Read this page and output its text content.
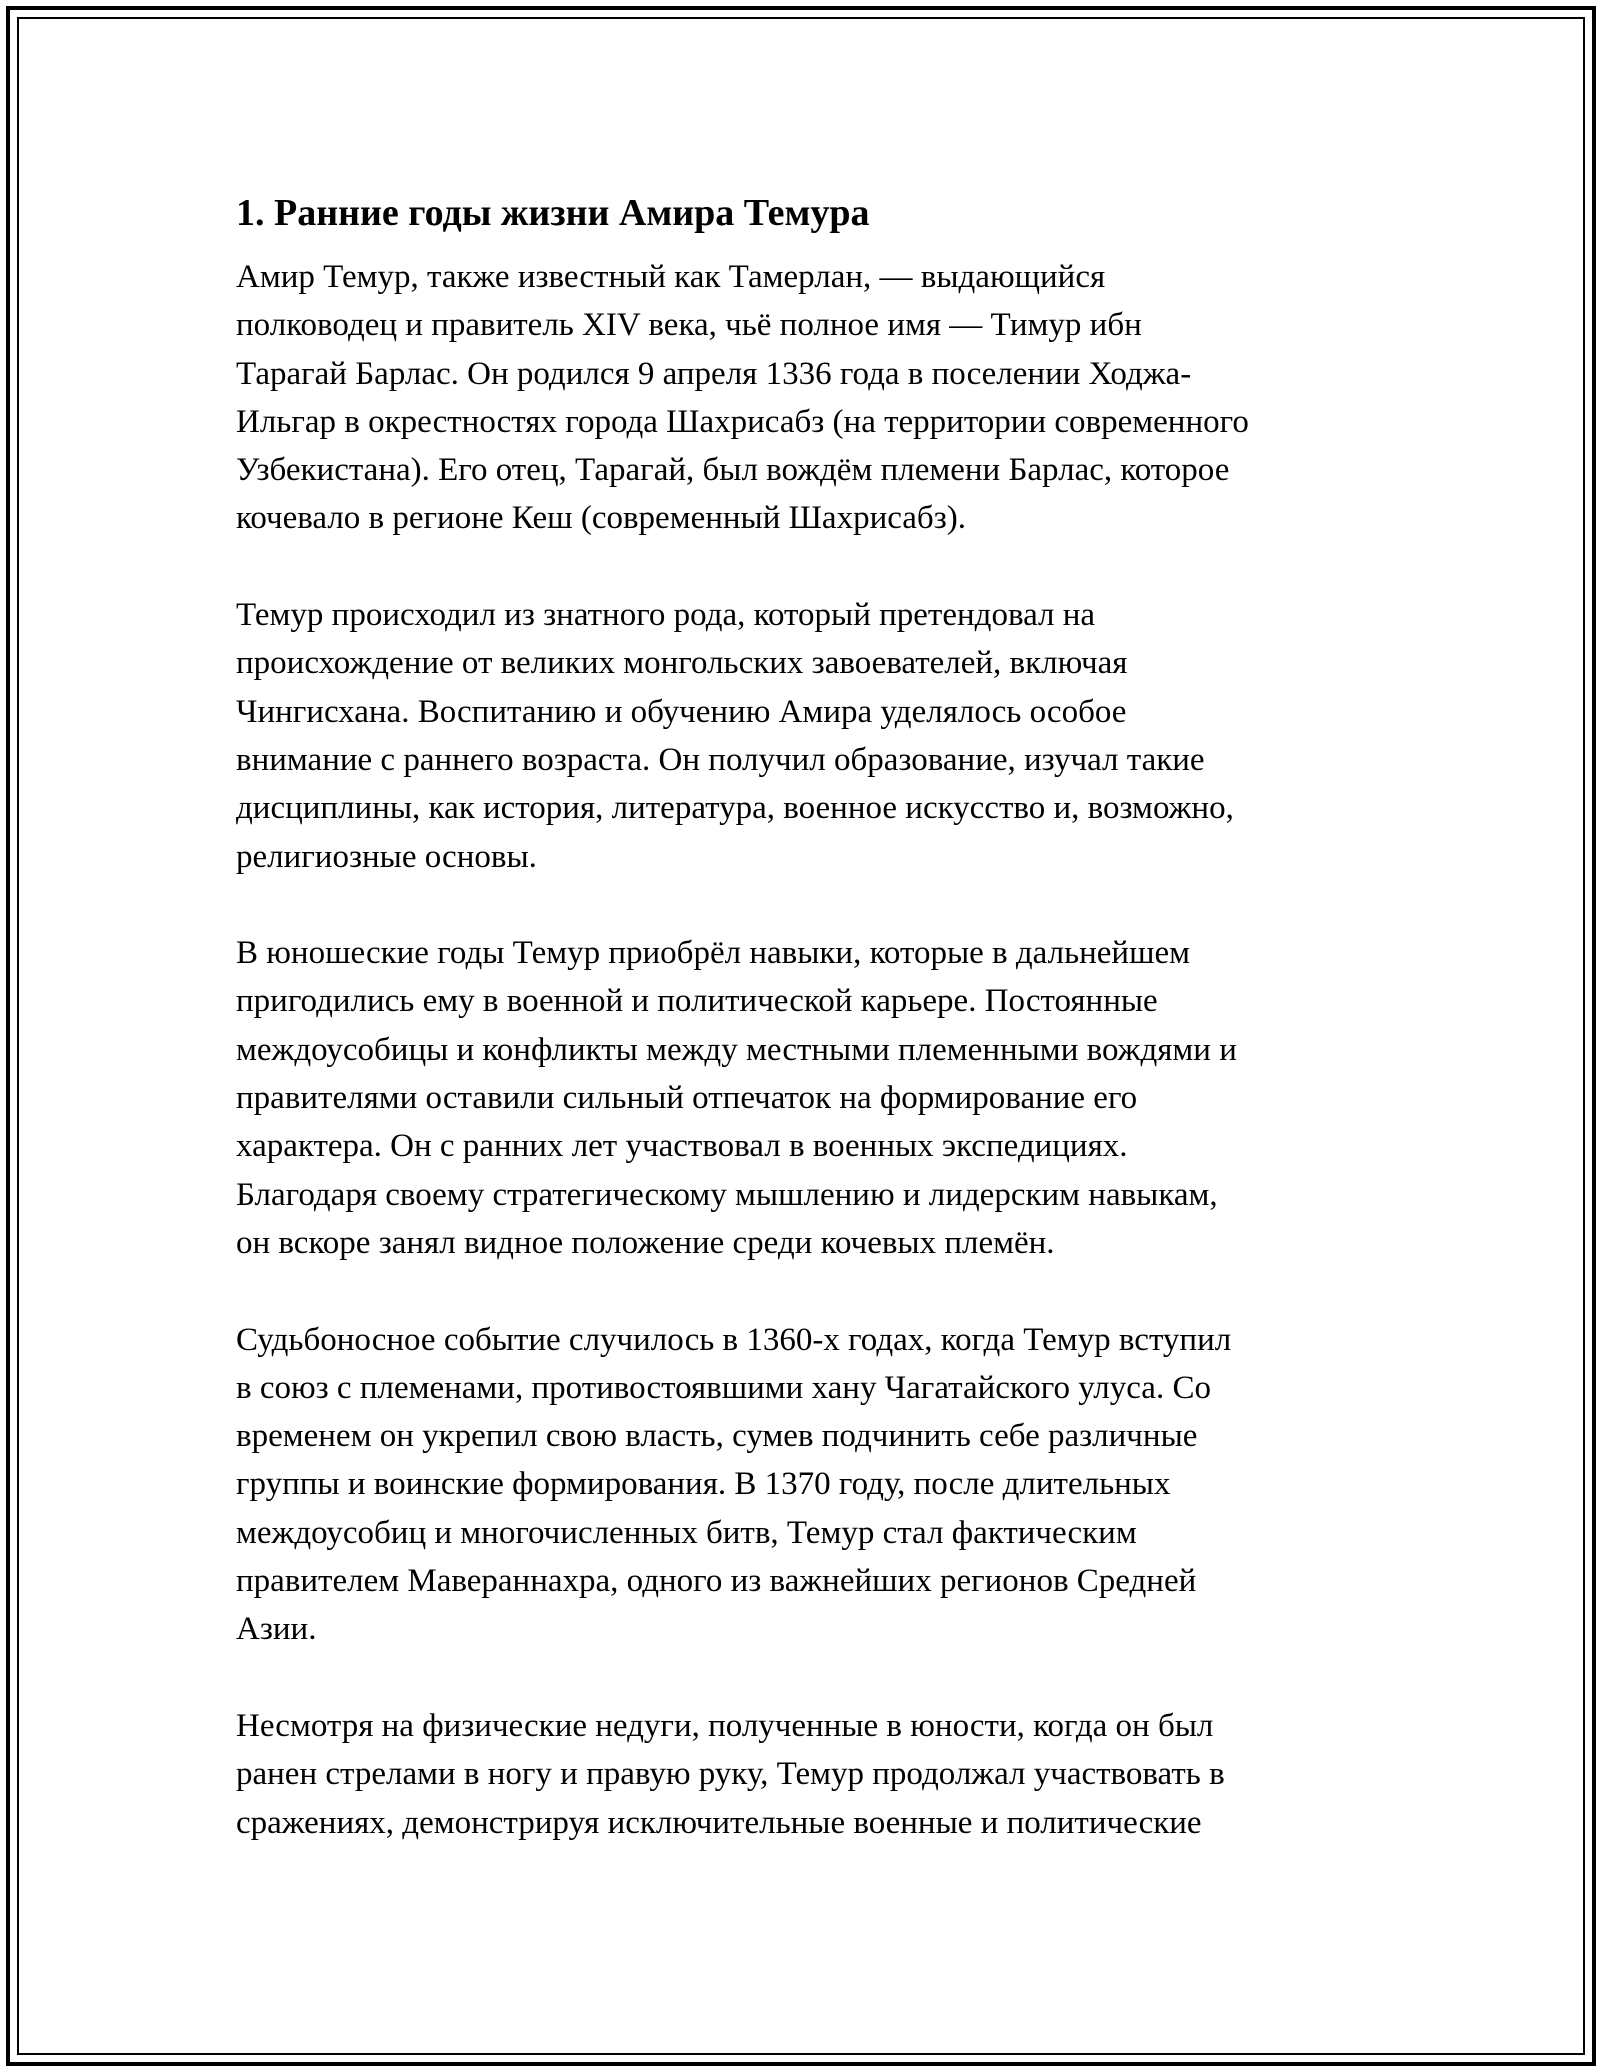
1. Ранние годы жизни Амира Темура

Амир Темур, также известный как Тамерлан, — выдающийся
полководец и правитель XIV века, чьё полное имя — Тимур ибн
Тарагай Барлас. Он родился 9 апреля 1336 года в поселении Ходжа-
Ильгар в окрестностях города Шахрисабз (на территории современного
Узбекистана). Его отец, Тарагай, был вождём племени Барлас, которое
кочевало в регионе Кеш (современный Шахрисабз).

Темур происходил из знатного рода, который претендовал на
происхождение от великих монгольских завоевателей, включая
Чингисхана. Воспитанию и обучению Амира уделялось особое
внимание с раннего возраста. Он получил образование, изучал такие
дисциплины, как история, литература, военное искусство и, возможно,
религиозные основы.

В юношеские годы Темур приобрёл навыки, которые в дальнейшем
пригодились ему в военной и политической карьере. Постоянные
междоусобицы и конфликты между местными племенными вождями и
правителями оставили сильный отпечаток на формирование его
характера. Он с ранних лет участвовал в военных экспедициях.
Благодаря своему стратегическому мышлению и лидерским навыкам,
он вскоре занял видное положение среди кочевых племён.

Судьбоносное событие случилось в 1360-х годах, когда Темур вступил
в союз с племенами, противостоявшими хану Чагатайского улуса. Со
временем он укрепил свою власть, сумев подчинить себе различные
группы и воинские формирования. В 1370 году, после длительных
междоусобиц и многочисленных битв, Темур стал фактическим
правителем Мавераннахра, одного из важнейших регионов Средней
Азии.

Несмотря на физические недуги, полученные в юности, когда он был
ранен стрелами в ногу и правую руку, Темур продолжал участвовать в
сражениях, демонстрируя исключительные военные и политические
